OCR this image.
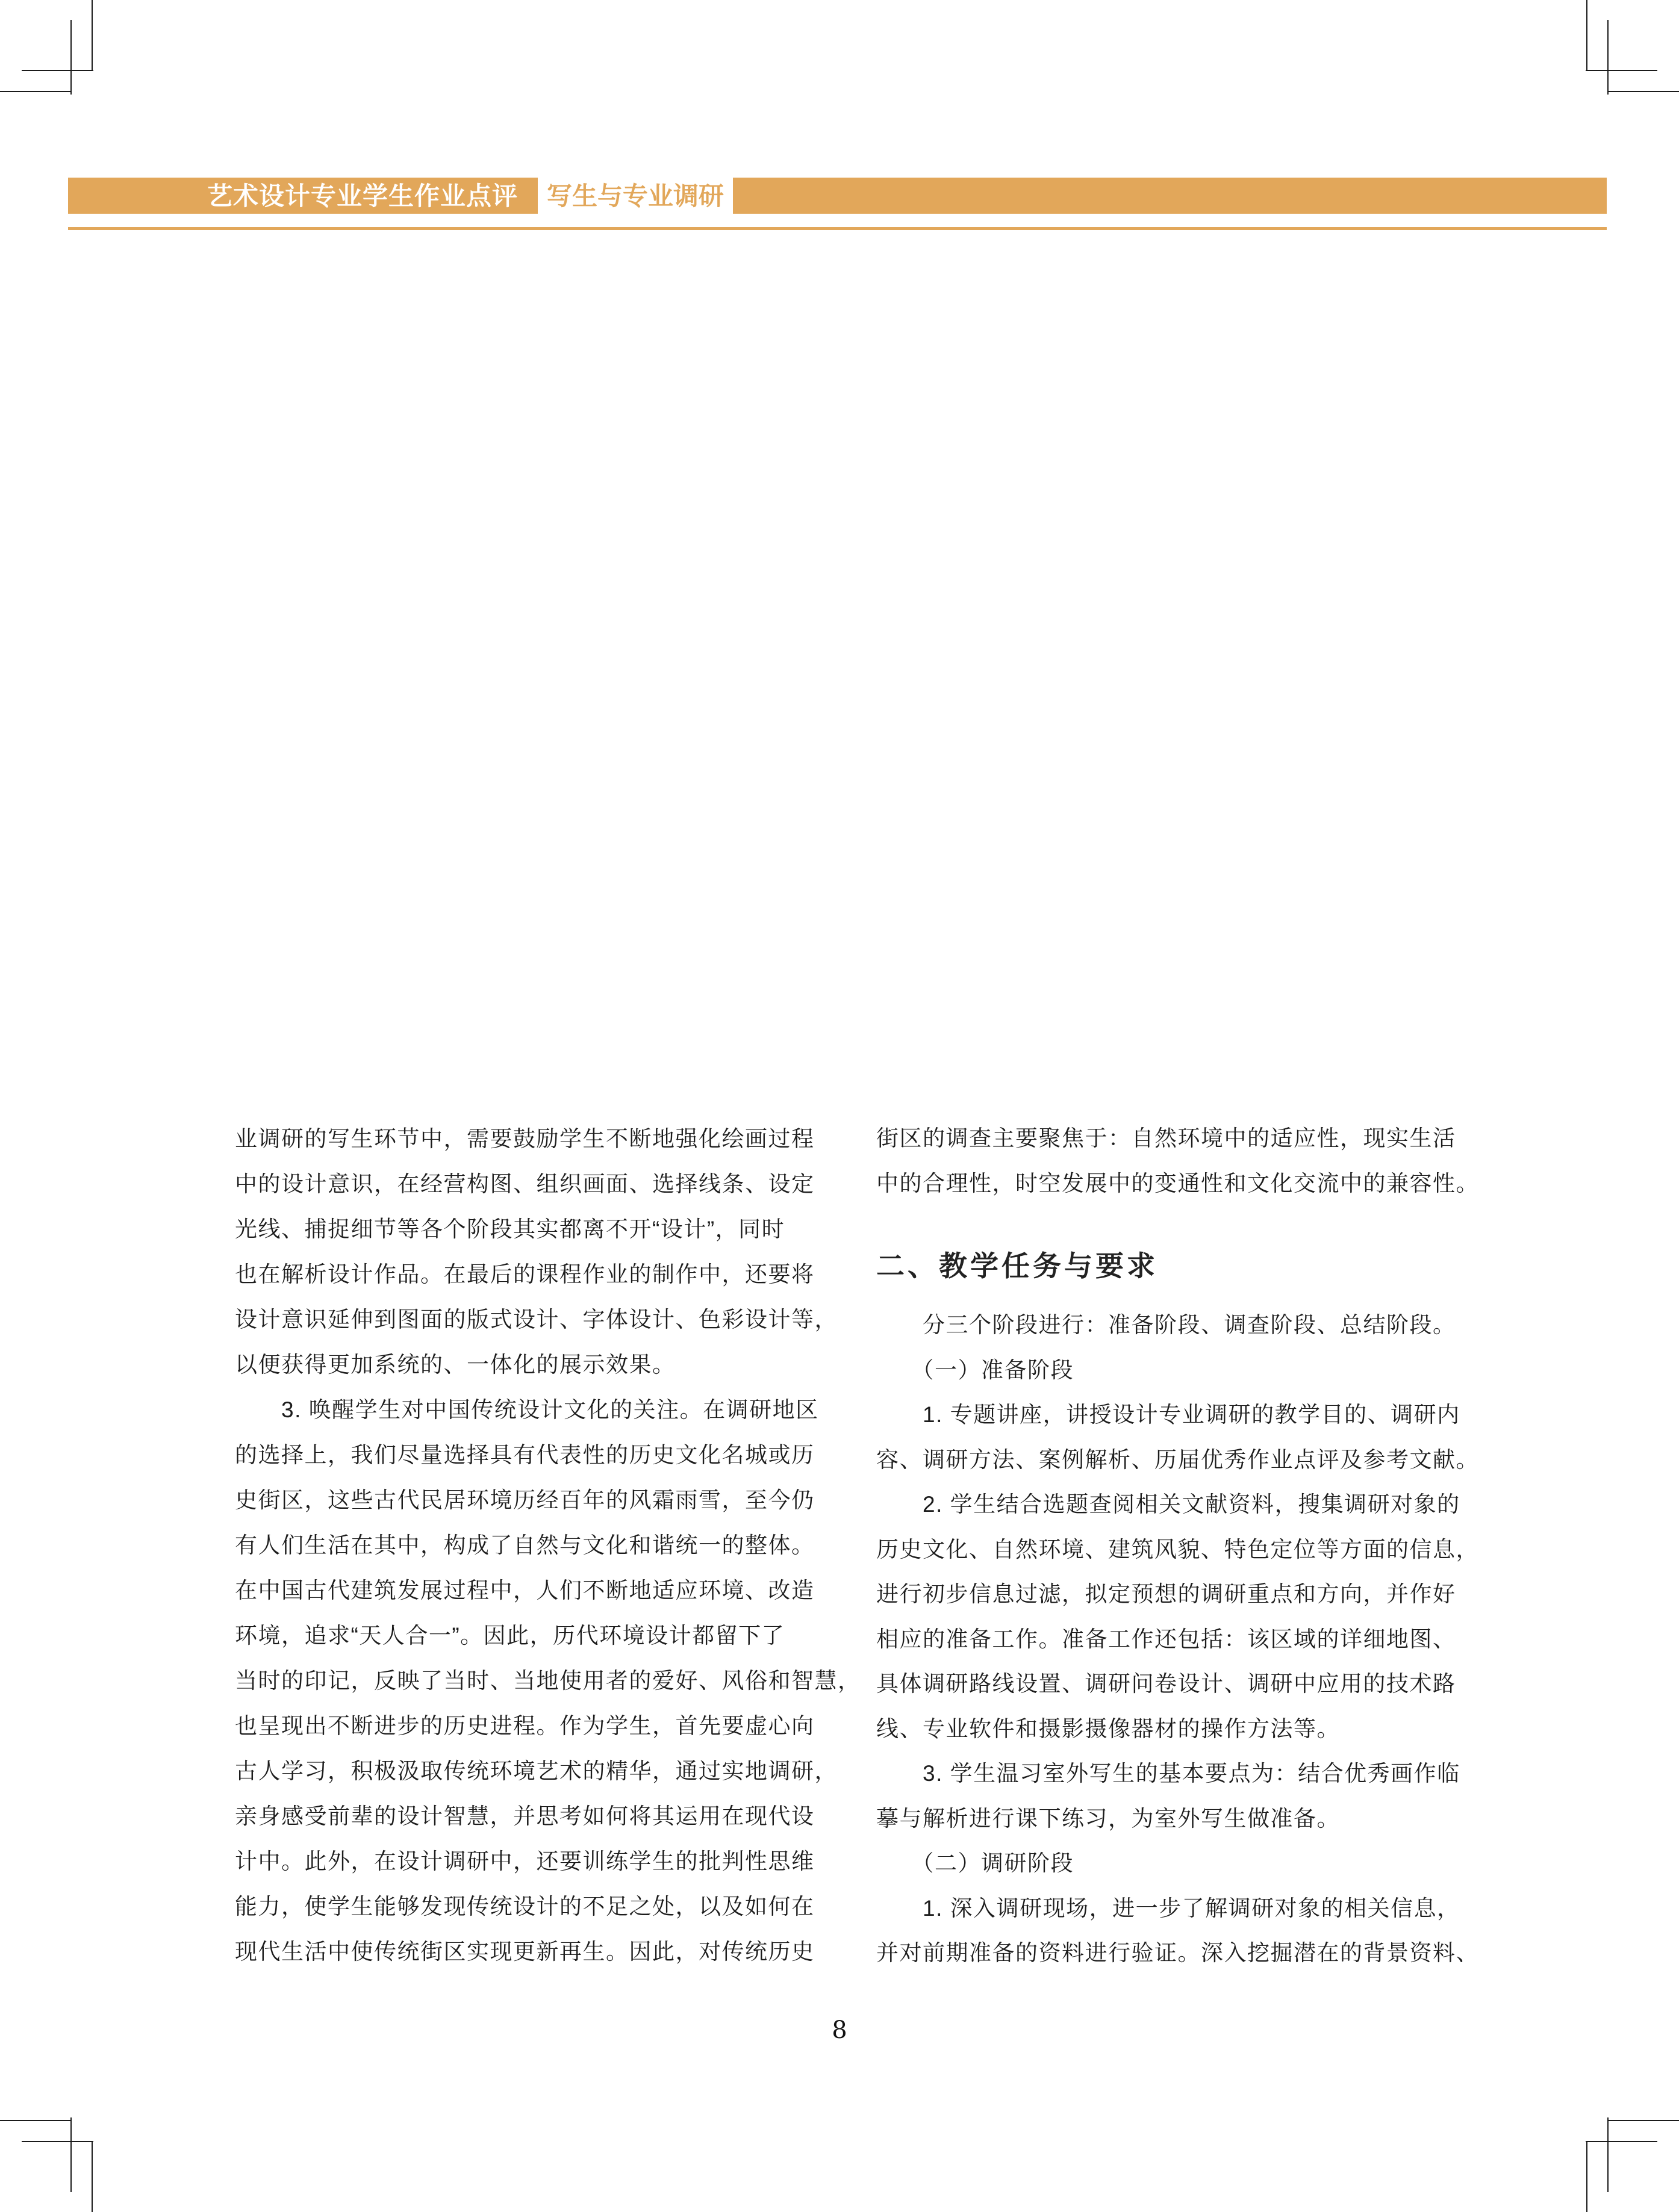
艺术设计专业学生作业点评	写生与专业调研
业调研的写生环节中，需要鼓励学生不断地强化绘画过程
中的设计意识，在经营构图、组织画面、选择线条、设定
光线、捕捉细节等各个阶段其实都离不开“设计”，同时
也在解析设计作品。在最后的课程作业的制作中，还要将
设计意识延伸到图面的版式设计、字体设计、色彩设计等，
以便获得更加系统的、一体化的展示效果。
　　3. 唤醒学生对中国传统设计文化的关注。在调研地区
的选择上，我们尽量选择具有代表性的历史文化名城或历
史街区，这些古代民居环境历经百年的风霜雨雪，至今仍
有人们生活在其中，构成了自然与文化和谐统一的整体。
在中国古代建筑发展过程中，人们不断地适应环境、改造
环境，追求“天人合一”。因此，历代环境设计都留下了
当时的印记，反映了当时、当地使用者的爱好、风俗和智慧，
也呈现出不断进步的历史进程。作为学生，首先要虚心向
古人学习，积极汲取传统环境艺术的精华，通过实地调研，
亲身感受前辈的设计智慧，并思考如何将其运用在现代设
计中。此外，在设计调研中，还要训练学生的批判性思维
能力，使学生能够发现传统设计的不足之处，以及如何在
现代生活中使传统街区实现更新再生。因此，对传统历史
街区的调查主要聚焦于：自然环境中的适应性，现实生活
中的合理性，时空发展中的变通性和文化交流中的兼容性。
二、教学任务与要求
　　分三个阶段进行：准备阶段、调查阶段、总结阶段。
　　（一）准备阶段
　　1. 专题讲座，讲授设计专业调研的教学目的、调研内
容、调研方法、案例解析、历届优秀作业点评及参考文献。
　　2. 学生结合选题查阅相关文献资料，搜集调研对象的
历史文化、自然环境、建筑风貌、特色定位等方面的信息，
进行初步信息过滤，拟定预想的调研重点和方向，并作好
相应的准备工作。准备工作还包括：该区域的详细地图、
具体调研路线设置、调研问卷设计、调研中应用的技术路
线、专业软件和摄影摄像器材的操作方法等。
　　3. 学生温习室外写生的基本要点为：结合优秀画作临
摹与解析进行课下练习，为室外写生做准备。
　　（二）调研阶段
　　1. 深入调研现场，进一步了解调研对象的相关信息，
并对前期准备的资料进行验证。深入挖掘潜在的背景资料、
8
